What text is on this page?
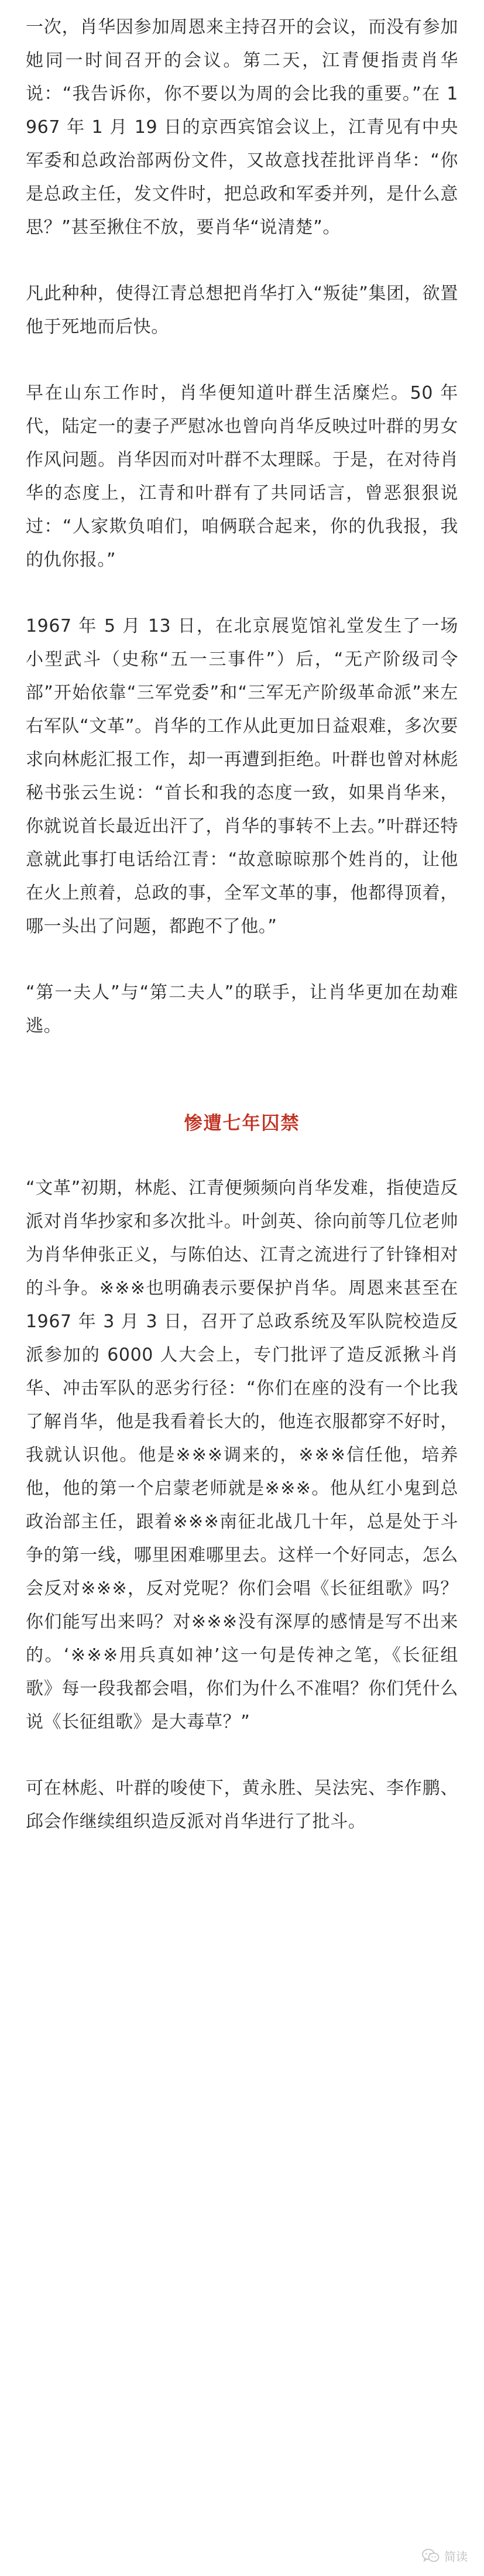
一次，肖华因参加周恩来主持召开的会议，而没有参加她同一时间召开的会议。第二天，江青便指责肖华说：“我告诉你，你不要以为周的会比我的重要。”在 1967 年 1 月 19 日的京西宾馆会议上，江青见有中央军委和总政治部两份文件，又故意找茬批评肖华：“你是总政主任，发文件时，把总政和军委并列，是什么意思？”甚至揪住不放，要肖华“说清楚”。

凡此种种，使得江青总想把肖华打入“叛徒”集团，欲置他于死地而后快。

早在山东工作时，肖华便知道叶群生活糜烂。50 年代，陆定一的妻子严慰冰也曾向肖华反映过叶群的男女作风问题。肖华因而对叶群不太理睬。于是，在对待肖华的态度上，江青和叶群有了共同话言，曾恶狠狠说过：“人家欺负咱们，咱俩联合起来，你的仇我报，我的仇你报。”

1967 年 5 月 13 日，在北京展览馆礼堂发生了一场小型武斗（史称“五一三事件”）后，“无产阶级司令部”开始依靠“三军党委”和“三军无产阶级革命派”来左右军队“文革”。肖华的工作从此更加日益艰难，多次要求向林彪汇报工作，却一再遭到拒绝。叶群也曾对林彪秘书张云生说：“首长和我的态度一致，如果肖华来，你就说首长最近出汗了，肖华的事转不上去。”叶群还特意就此事打电话给江青：“故意晾晾那个姓肖的，让他在火上煎着，总政的事，全军文革的事，他都得顶着，哪一头出了问题，都跑不了他。”

“第一夫人”与“第二夫人”的联手，让肖华更加在劫难逃。

惨遭七年囚禁

“文革”初期，林彪、江青便频频向肖华发难，指使造反派对肖华抄家和多次批斗。叶剑英、徐向前等几位老帅为肖华伸张正义，与陈伯达、江青之流进行了针锋相对的斗争。※※※也明确表示要保护肖华。周恩来甚至在 1967 年 3 月 3 日，召开了总政系统及军队院校造反派参加的 6000 人大会上，专门批评了造反派揪斗肖华、冲击军队的恶劣行径：“你们在座的没有一个比我了解肖华，他是我看着长大的，他连衣服都穿不好时，我就认识他。他是※※※调来的，※※※信任他，培养他，他的第一个启蒙老师就是※※※。他从红小鬼到总政治部主任，跟着※※※南征北战几十年，总是处于斗争的第一线，哪里困难哪里去。这样一个好同志，怎么会反对※※※，反对党呢？你们会唱《长征组歌》吗？你们能写出来吗？对※※※没有深厚的感情是写不出来的。‘※※※用兵真如神’这一句是传神之笔，《长征组歌》每一段我都会唱，你们为什么不准唱？你们凭什么说《长征组歌》是大毒草？”

可在林彪、叶群的唆使下，黄永胜、吴法宪、李作鹏、邱会作继续组织造反派对肖华进行了批斗。

简读
